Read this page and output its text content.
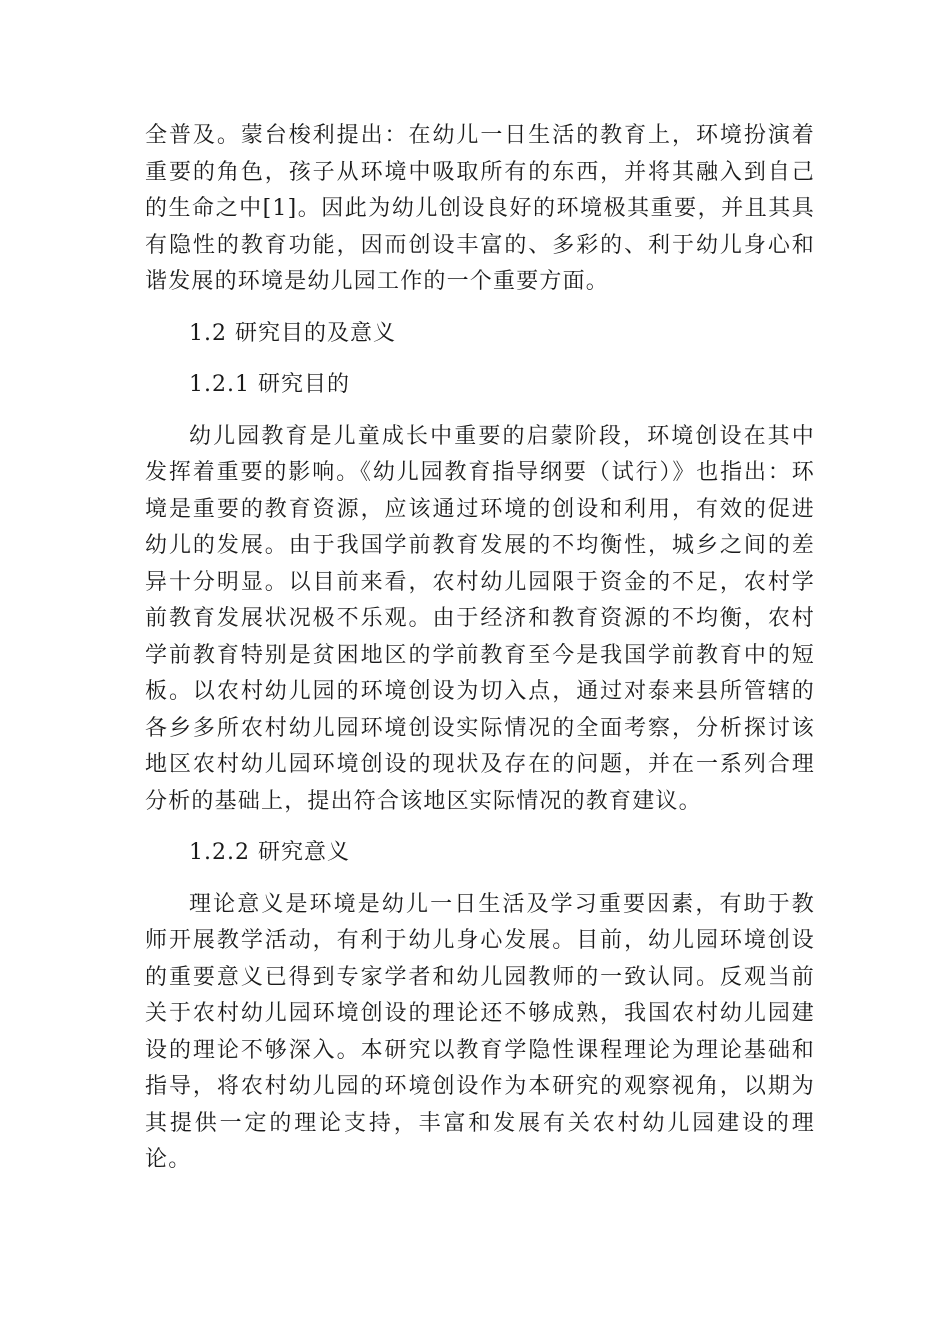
全普及。蒙台梭利提出：在幼儿一日生活的教育上，环境扮演着重要的角色，孩子从环境中吸取所有的东西，并将其融入到自己的生命之中[1]。因此为幼儿创设良好的环境极其重要，并且其具有隐性的教育功能，因而创设丰富的、多彩的、利于幼儿身心和谐发展的环境是幼儿园工作的一个重要方面。

1.2 研究目的及意义
1.2.1 研究目的

幼儿园教育是儿童成长中重要的启蒙阶段，环境创设在其中发挥着重要的影响。《幼儿园教育指导纲要（试行）》也指出：环境是重要的教育资源，应该通过环境的创设和利用，有效的促进幼儿的发展。由于我国学前教育发展的不均衡性，城乡之间的差异十分明显。以目前来看，农村幼儿园限于资金的不足，农村学前教育发展状况极不乐观。由于经济和教育资源的不均衡，农村学前教育特别是贫困地区的学前教育至今是我国学前教育中的短板。以农村幼儿园的环境创设为切入点，通过对泰来县所管辖的各乡多所农村幼儿园环境创设实际情况的全面考察，分析探讨该地区农村幼儿园环境创设的现状及存在的问题，并在一系列合理分析的基础上，提出符合该地区实际情况的教育建议。

1.2.2 研究意义

理论意义是环境是幼儿一日生活及学习重要因素，有助于教师开展教学活动，有利于幼儿身心发展。目前，幼儿园环境创设的重要意义已得到专家学者和幼儿园教师的一致认同。反观当前关于农村幼儿园环境创设的理论还不够成熟，我国农村幼儿园建设的理论不够深入。本研究以教育学隐性课程理论为理论基础和指导，将农村幼儿园的环境创设作为本研究的观察视角，以期为其提供一定的理论支持，丰富和发展有关农村幼儿园建设的理论。
